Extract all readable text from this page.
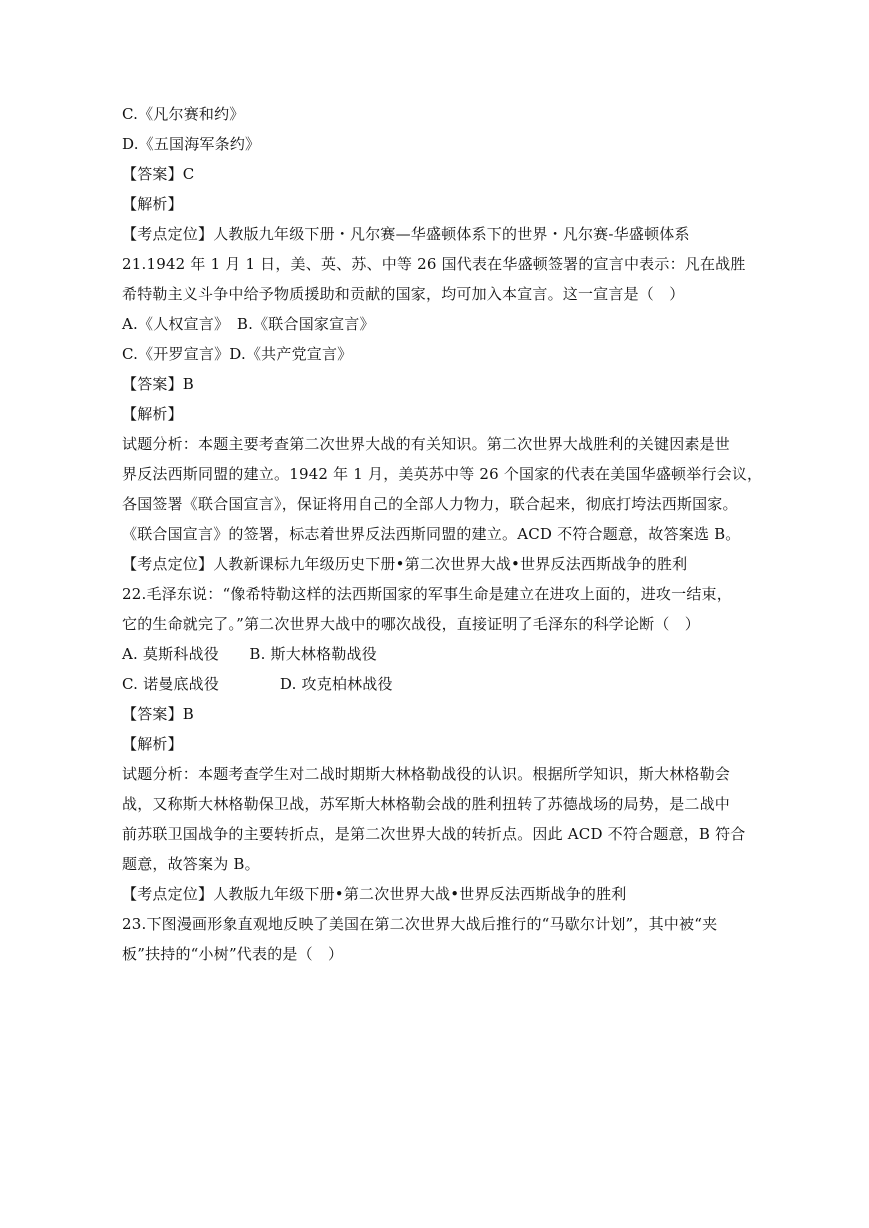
C.《凡尔赛和约》
D.《五国海军条约》
【答案】C
【解析】
【考点定位】人教版九年级下册・凡尔赛—华盛顿体系下的世界・凡尔赛-华盛顿体系
21.1942 年 1 月 1 日，美、英、苏、中等 26 国代表在华盛顿签署的宣言中表示：凡在战胜
希特勒主义斗争中给予物质援助和贡献的国家，均可加入本宣言。这一宣言是（　）
A.《人权宣言》　B.《联合国家宣言》
C.《开罗宣言》D.《共产党宣言》
【答案】B
【解析】
试题分析：本题主要考查第二次世界大战的有关知识。第二次世界大战胜利的关键因素是世
界反法西斯同盟的建立。1942 年 1 月，美英苏中等 26 个国家的代表在美国华盛顿举行会议，
各国签署《联合国宣言》，保证将用自己的全部人力物力，联合起来，彻底打垮法西斯国家。
《联合国宣言》的签署，标志着世界反法西斯同盟的建立。ACD 不符合题意，故答案选 B。
【考点定位】人教新课标九年级历史下册•第二次世界大战•世界反法西斯战争的胜利
22.毛泽东说：“像希特勒这样的法西斯国家的军事生命是建立在进攻上面的，进攻一结束，
它的生命就完了。”第二次世界大战中的哪次战役，直接证明了毛泽东的科学论断（　）
A. 莫斯科战役　　B. 斯大林格勒战役
C. 诺曼底战役　　　　D. 攻克柏林战役
【答案】B
【解析】
试题分析：本题考查学生对二战时期斯大林格勒战役的认识。根据所学知识，斯大林格勒会
战，又称斯大林格勒保卫战，苏军斯大林格勒会战的胜利扭转了苏德战场的局势，是二战中
前苏联卫国战争的主要转折点，是第二次世界大战的转折点。因此 ACD 不符合题意，B 符合
题意，故答案为 B。
【考点定位】人教版九年级下册•第二次世界大战•世界反法西斯战争的胜利
23.下图漫画形象直观地反映了美国在第二次世界大战后推行的“马歇尔计划”，其中被“夹
板”扶持的“小树”代表的是（　）
